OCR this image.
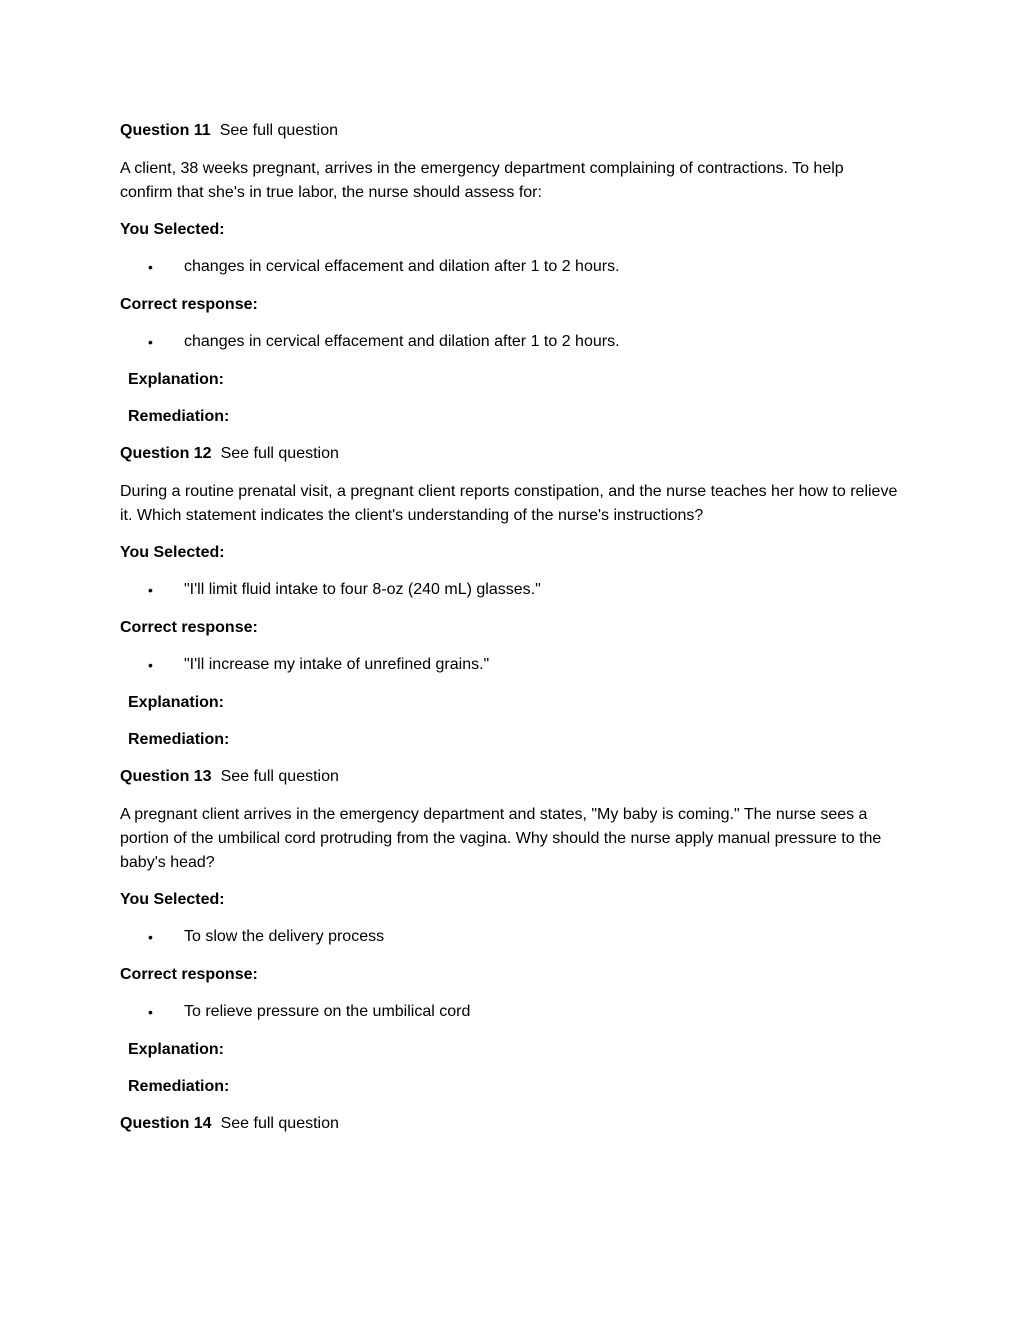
Question 11 See full question
A client, 38 weeks pregnant, arrives in the emergency department complaining of contractions. To help confirm that she's in true labor, the nurse should assess for:
You Selected:
• changes in cervical effacement and dilation after 1 to 2 hours.
Correct response:
• changes in cervical effacement and dilation after 1 to 2 hours.
Explanation:
Remediation:
Question 12 See full question
During a routine prenatal visit, a pregnant client reports constipation, and the nurse teaches her how to relieve it. Which statement indicates the client's understanding of the nurse's instructions?
You Selected:
• "I'll limit fluid intake to four 8-oz (240 mL) glasses."
Correct response:
• "I'll increase my intake of unrefined grains."
Explanation:
Remediation:
Question 13 See full question
A pregnant client arrives in the emergency department and states, "My baby is coming." The nurse sees a portion of the umbilical cord protruding from the vagina. Why should the nurse apply manual pressure to the baby's head?
You Selected:
• To slow the delivery process
Correct response:
• To relieve pressure on the umbilical cord
Explanation:
Remediation:
Question 14 See full question
